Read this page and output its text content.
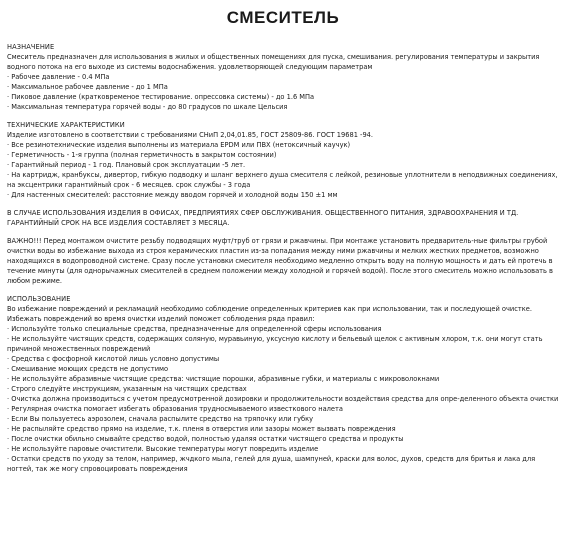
СМЕСИТЕЛЬ
НАЗНАЧЕНИЕ

Смеситель предназначен для использования в жилых и общественных помещениях для пуска, смешивания. регулирования температуры и закрытия водного потока на его выходе из системы водоснабжения. удовлетворяющей следующим параметрам

· Рабочее давление - 0.4 МПа

· Максимальное рабочее давление - до 1 МПа

· Пиковое давление (кратковременое тестирование. опрессовка системы) - до 1.6 МПа

· Максимальная температура горячей воды - до 80 градусов по шкале Цельсия

ТЕХНИЧЕСКИЕ ХАРАКТЕРИСТИКИ

Изделие изготовлено в соответствии с требованиями СНиП 2,04,01.85, ГОСТ 25809-86. ГОСТ 19681 -94.

· Все резинотехнические изделия выполнены из материала EPDM или ПВХ (нетоксичный каучук)

· Герметичность - 1-я группа (полная герметичность в закрытом состоянии)

· Гарантийный период - 1 год. Плановый срок эксплуатации -5 лет.

· На картридж, кранбуксы, дивертор, гибкую подводку и шланг верхнего душа смесителя с лейкой, резиновые уплотнители в неподвижных соединениях, на эксцентрики гарантийный срок - 6 месяцев. срок службы - 3 года

· Для настенных смесителей: расстояние между вводом горячей и холодной воды 150 ±1 мм

В СЛУЧАЕ ИСПОЛЬЗОВАНИЯ ИЗДЕЛИЯ В ОФИСАХ, ПРЕДПРИЯТИЯХ СФЕР ОБСЛУЖИВАНИЯ. ОБЩЕСТВЕННОГО ПИТАНИЯ, ЗДРАВООХРАНЕНИЯ И ТД. ГАРАНТИЙНЫЙ СРОК НА ВСЕ ИЗДЕЛИЯ СОСТАВЛЯЕТ 3 МЕСЯЦА.

ВАЖНО!!! Перед монтажом очистите резьбу подводящих муфт/труб от грязи и ржавчины. При монтаже установить предваритель-ные фильтры грубой очистки воды во избежание выхода из строя керамических пластин из-за попадания между ними ржавчины и мелких жестких предметов, возможно находящихся в водопроводной системе. Сразу после установки смесителя необходимо медленно открыть воду на полную мощность и дать ей протечь в течение минуты (для однорычажных смесителей в среднем положении между холодной и горячей водой). После этого смеситель можно использовать в любом режиме.

ИСПОЛЬЗОВАНИЕ

Во избежание повреждений и рекламаций необходимо соблюдение определенных критериев как при использовании, так и последующей очистке. Избежать повреждений во время очистки изделий поможет соблюдения ряда правил:

· Используйте только специальные средства, предназначенные для определенной сферы использования

· Не используйте чистящих средств, содержащих соляную, муравьиную, уксусную кислоту и бельевый щелок с активным хлором, т.к. они могут стать причиной множественных повреждений

· Средства с фосфорной кислотой лишь условно допустимы

· Смешивание моющих средств не допустимо

· Не используйте абразивные чистящие средства: чистящие порошки, абразивные губки, и материалы с микроволокнами

· Строго следуйте инструкциям, указанным на чистящих средствах

· Очистка должна производиться с учетом предусмотренной дозировки и продолжительности воздействия средства для опре-деленного объекта очистки

· Регулярная очистка помогает избегать образования трудносмываемого известкового налета

· Если Вы пользуетесь аэрозолем, сначала распылите средство на тряпочку или губку

· Не распыляйте средство прямо на изделие, т.к. пленя в отверстия или зазоры может вызвать повреждения

· После очистки обильно смывайте средство водой, полностью удаляя остатки чистящего средства и продукты

· Не используйте паровые очистители. Высокие температуры могут повредить изделие

· Остатки средств по уходу за телом, например, жчдкого мыла, гелей для душа, шампуней, краски для волос, духов, средств для бритья и лака для ногтей, так же могу спровоцировать повреждения
